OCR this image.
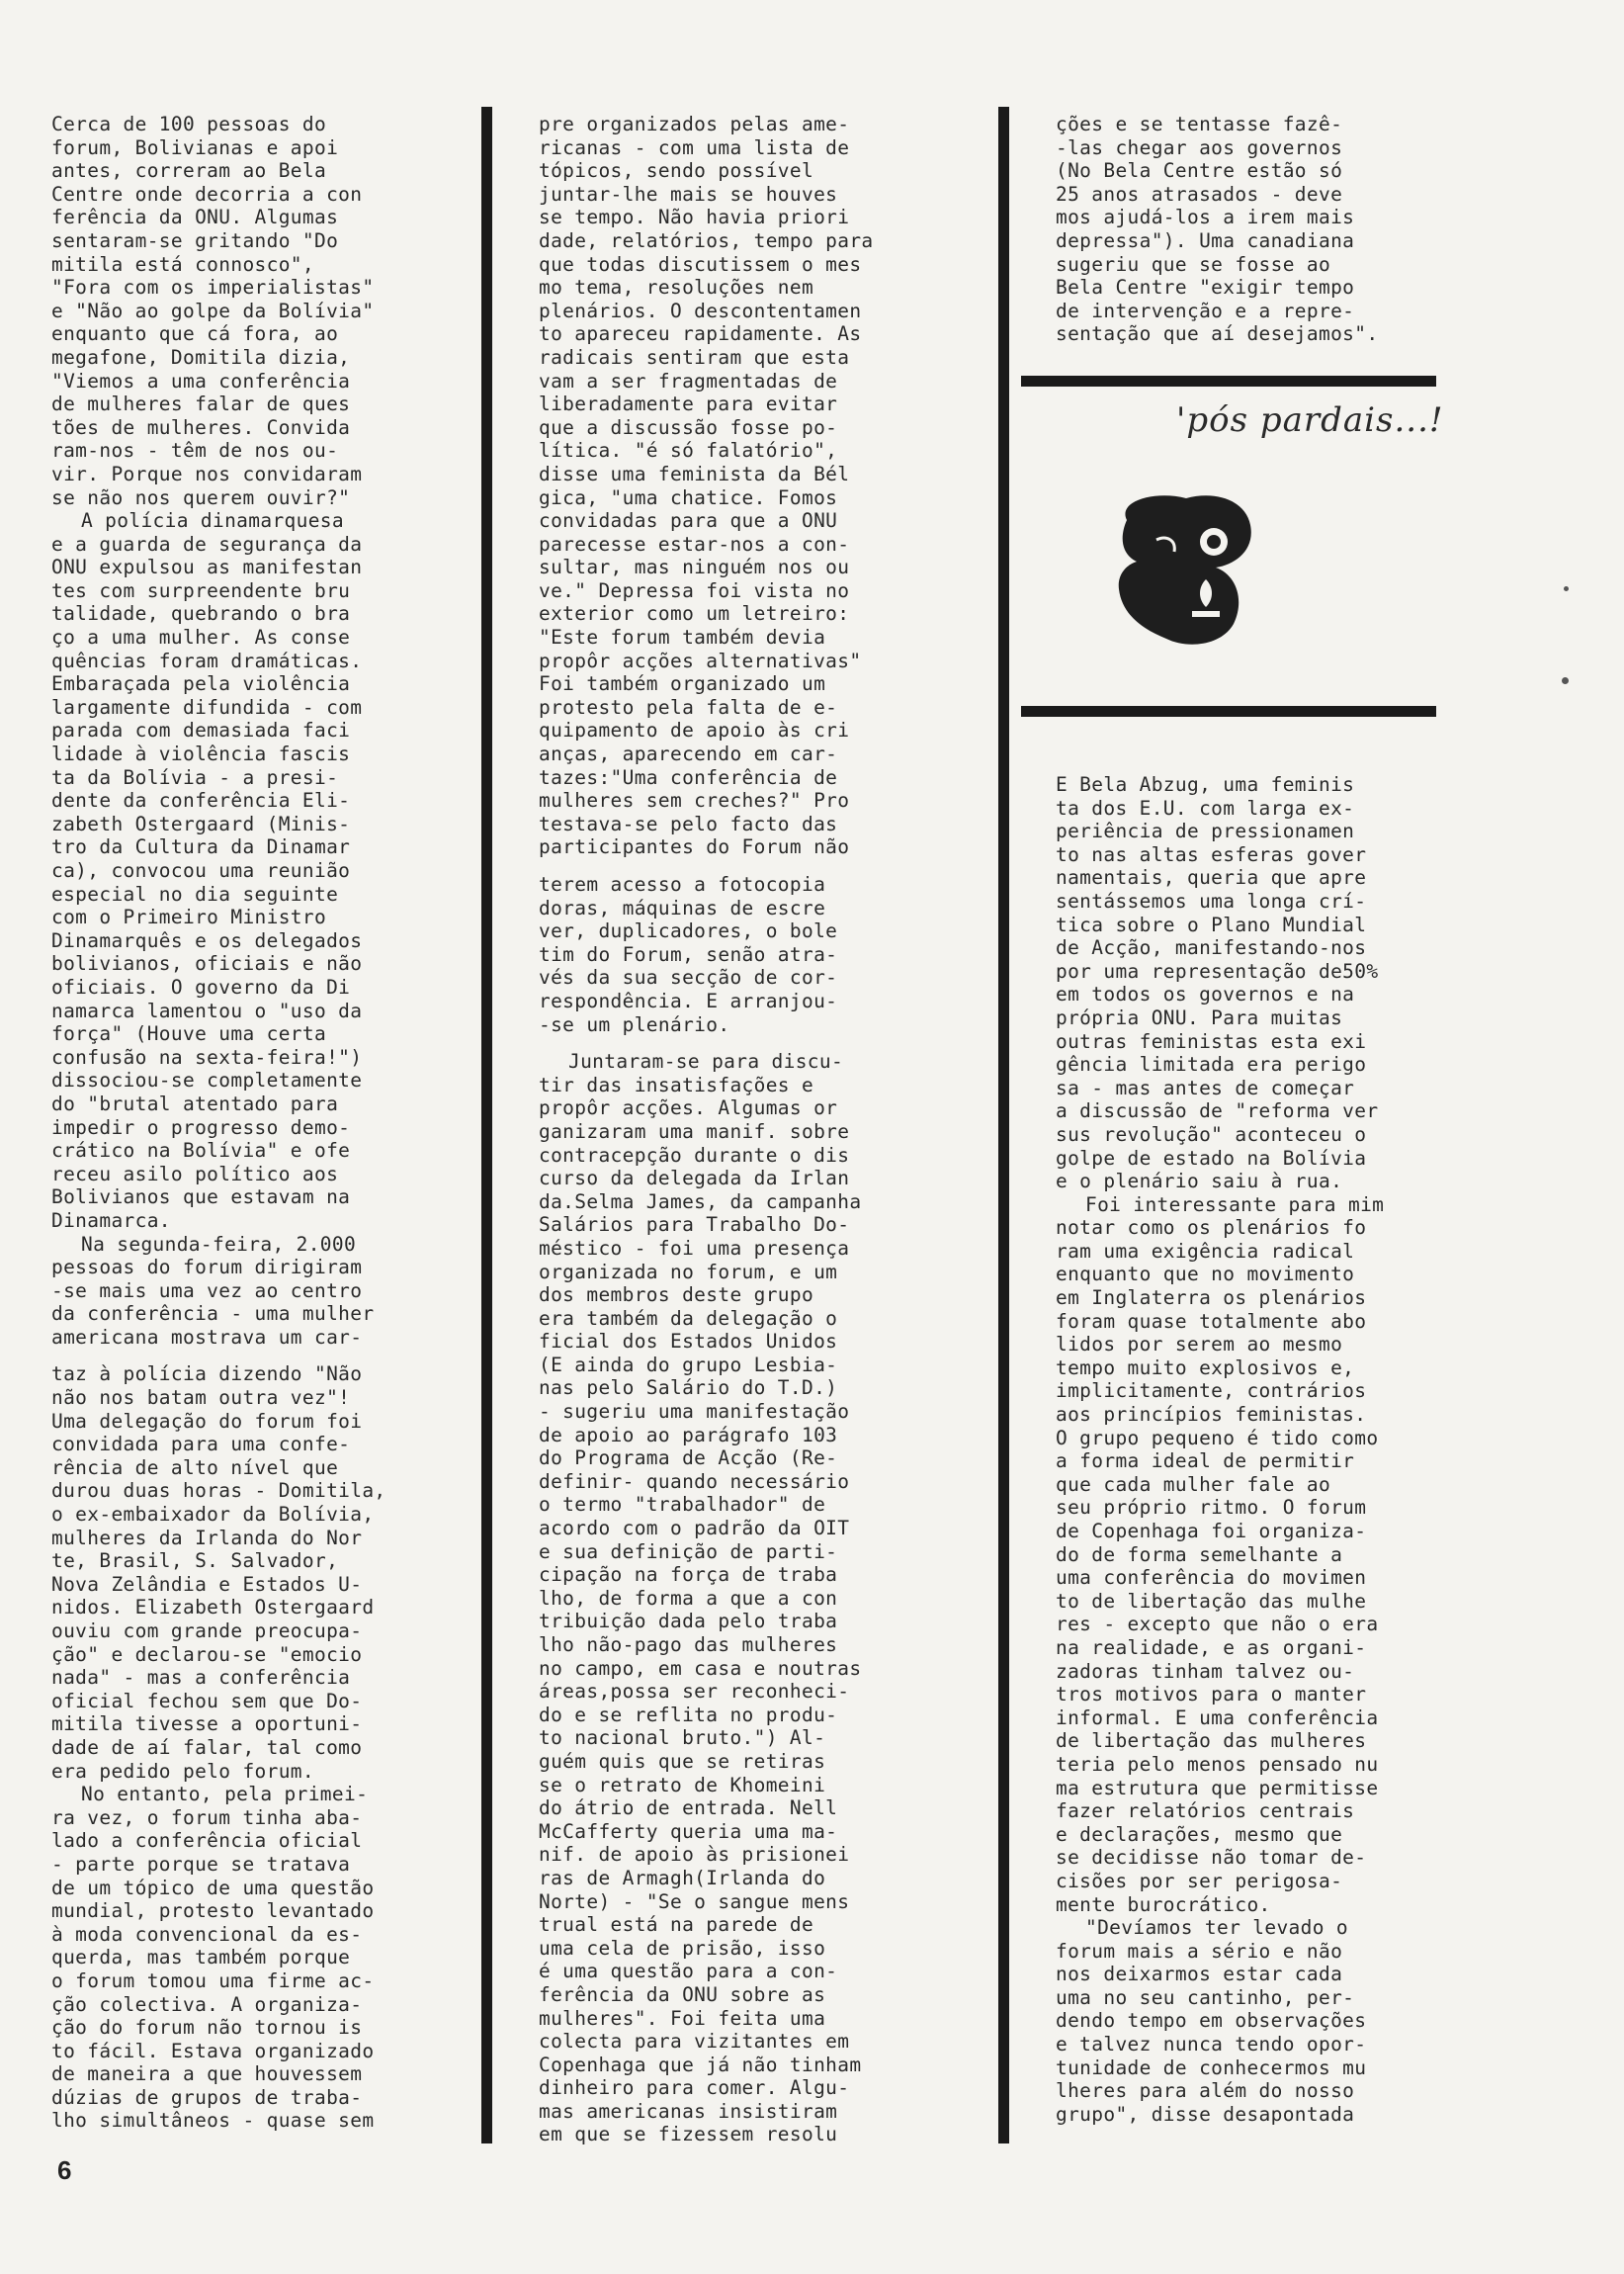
Cerca de 100 pessoas do

forum, Bolivianas e apoi

antes, correram ao Bela

Centre onde decorria a con

ferência da ONU. Algumas

sentaram-se gritando "Do

mitila está connosco",

"Fora com os imperialistas"

e "Não ao golpe da Bolívia"

enquanto que cá fora, ao

megafone, Domitila dizia,

"Viemos a uma conferência

de mulheres falar de ques

tões de mulheres. Convida

ram-nos - têm de nos ou-

vir. Porque nos convidaram

se não nos querem ouvir?"

A polícia dinamarquesa

e a guarda de segurança da

ONU expulsou as manifestan

tes com surpreendente bru

talidade, quebrando o bra

ço a uma mulher. As conse

quências foram dramáticas.

Embaraçada pela violência

largamente difundida - com

parada com demasiada faci

lidade à violência fascis

ta da Bolívia - a presi-

dente da conferência Eli-

zabeth Ostergaard (Minis-

tro da Cultura da Dinamar

ca), convocou uma reunião

especial no dia seguinte

com o Primeiro Ministro

Dinamarquês e os delegados

bolivianos, oficiais e não

oficiais. O governo da Di

namarca lamentou o "uso da

força" (Houve uma certa

confusão na sexta-feira!")

dissociou-se completamente

do "brutal atentado para

impedir o progresso demo-

crático na Bolívia" e ofe

receu asilo político aos

Bolivianos que estavam na

Dinamarca.

Na segunda-feira, 2.000

pessoas do forum dirigiram

-se mais uma vez ao centro

da conferência - uma mulher

americana mostrava um car-

taz à polícia dizendo "Não

não nos batam outra vez"!

Uma delegação do forum foi

convidada para uma confe-

rência de alto nível que

durou duas horas - Domitila,

o ex-embaixador da Bolívia,

mulheres da Irlanda do Nor

te, Brasil, S. Salvador,

Nova Zelândia e Estados U-

nidos. Elizabeth Ostergaard

ouviu com grande preocupa-

ção" e declarou-se "emocio

nada" - mas a conferência

oficial fechou sem que Do-

mitila tivesse a oportuni-

dade de aí falar, tal como

era pedido pelo forum.

No entanto, pela primei-

ra vez, o forum tinha aba-

lado a conferência oficial

- parte porque se tratava

de um tópico de uma questão

mundial, protesto levantado

à moda convencional da es-

querda, mas também porque

o forum tomou uma firme ac-

ção colectiva. A organiza-

ção do forum não tornou is

to fácil. Estava organizado

de maneira a que houvessem

dúzias de grupos de traba-

lho simultâneos - quase sem

pre organizados pelas ame-

ricanas - com uma lista de

tópicos, sendo possível

juntar-lhe mais se houves

se tempo. Não havia priori

dade, relatórios, tempo para

que todas discutissem o mes

mo tema, resoluções nem

plenários. O descontentamen

to apareceu rapidamente. As

radicais sentiram que esta

vam a ser fragmentadas de

liberadamente para evitar

que a discussão fosse po-

lítica. "é só falatório",

disse uma feminista da Bél

gica, "uma chatice. Fomos

convidadas para que a ONU

parecesse estar-nos a con-

sultar, mas ninguém nos ou

ve." Depressa foi vista no

exterior como um letreiro:

"Este forum também devia

propôr acções alternativas"

Foi também organizado um

protesto pela falta de e-

quipamento de apoio às cri

anças, aparecendo em car-

tazes:"Uma conferência de

mulheres sem creches?" Pro

testava-se pelo facto das

participantes do Forum não

terem acesso a fotocopia

doras, máquinas de escre

ver, duplicadores, o bole

tim do Forum, senão atra-

vés da sua secção de cor-

respondência. E arranjou-

-se um plenário.

Juntaram-se para discu-

tir das insatisfações e

propôr acções. Algumas or

ganizaram uma manif. sobre

contracepção durante o dis

curso da delegada da Irlan

da.Selma James, da campanha

Salários para Trabalho Do-

méstico - foi uma presença

organizada no forum, e um

dos membros deste grupo

era também da delegação o

ficial dos Estados Unidos

(E ainda do grupo Lesbia-

nas pelo Salário do T.D.)

- sugeriu uma manifestação

de apoio ao parágrafo 103

do Programa de Acção (Re-

definir- quando necessário

o termo "trabalhador" de

acordo com o padrão da OIT

e sua definição de parti-

cipação na força de traba

lho, de forma a que a con

tribuição dada pelo traba

lho não-pago das mulheres

no campo, em casa e noutras

áreas,possa ser reconheci-

do e se reflita no produ-

to nacional bruto.") Al-

guém quis que se retiras

se o retrato de Khomeini

do átrio de entrada. Nell

McCafferty queria uma ma-

nif. de apoio às prisionei

ras de Armagh(Irlanda do

Norte) - "Se o sangue mens

trual está na parede de

uma cela de prisão, isso

é uma questão para a con-

ferência da ONU sobre as

mulheres". Foi feita uma

colecta para vizitantes em

Copenhaga que já não tinham

dinheiro para comer. Algu-

mas americanas insistiram

em que se fizessem resolu

ções e se tentasse fazê-

-las chegar aos governos

(No Bela Centre estão só

25 anos atrasados - deve

mos ajudá-los a irem mais

depressa"). Uma canadiana

sugeriu que se fosse ao

Bela Centre "exigir tempo

de intervenção e a repre-

sentação que aí desejamos".

'pós pardais...!

E Bela Abzug, uma feminis

ta dos E.U. com larga ex-

periência de pressionamen

to nas altas esferas gover

namentais, queria que apre

sentássemos uma longa crí-

tica sobre o Plano Mundial

de Acção, manifestando-nos

por uma representação de50%

em todos os governos e na

própria ONU. Para muitas

outras feministas esta exi

gência limitada era perigo

sa - mas antes de começar

a discussão de "reforma ver

sus revolução" aconteceu o

golpe de estado na Bolívia

e o plenário saiu à rua.

Foi interessante para mim

notar como os plenários fo

ram uma exigência radical

enquanto que no movimento

em Inglaterra os plenários

foram quase totalmente abo

lidos por serem ao mesmo

tempo muito explosivos e,

implicitamente, contrários

aos princípios feministas.

O grupo pequeno é tido como

a forma ideal de permitir

que cada mulher fale ao

seu próprio ritmo. O forum

de Copenhaga foi organiza-

do de forma semelhante a

uma conferência do movimen

to de libertação das mulhe

res - excepto que não o era

na realidade, e as organi-

zadoras tinham talvez ou-

tros motivos para o manter

informal. E uma conferência

de libertação das mulheres

teria pelo menos pensado nu

ma estrutura que permitisse

fazer relatórios centrais

e declarações, mesmo que

se decidisse não tomar de-

cisões por ser perigosa-

mente burocrático.

"Devíamos ter levado o

forum mais a sério e não

nos deixarmos estar cada

uma no seu cantinho, per-

dendo tempo em observações

e talvez nunca tendo opor-

tunidade de conhecermos mu

lheres para além do nosso

grupo", disse desapontada

6
